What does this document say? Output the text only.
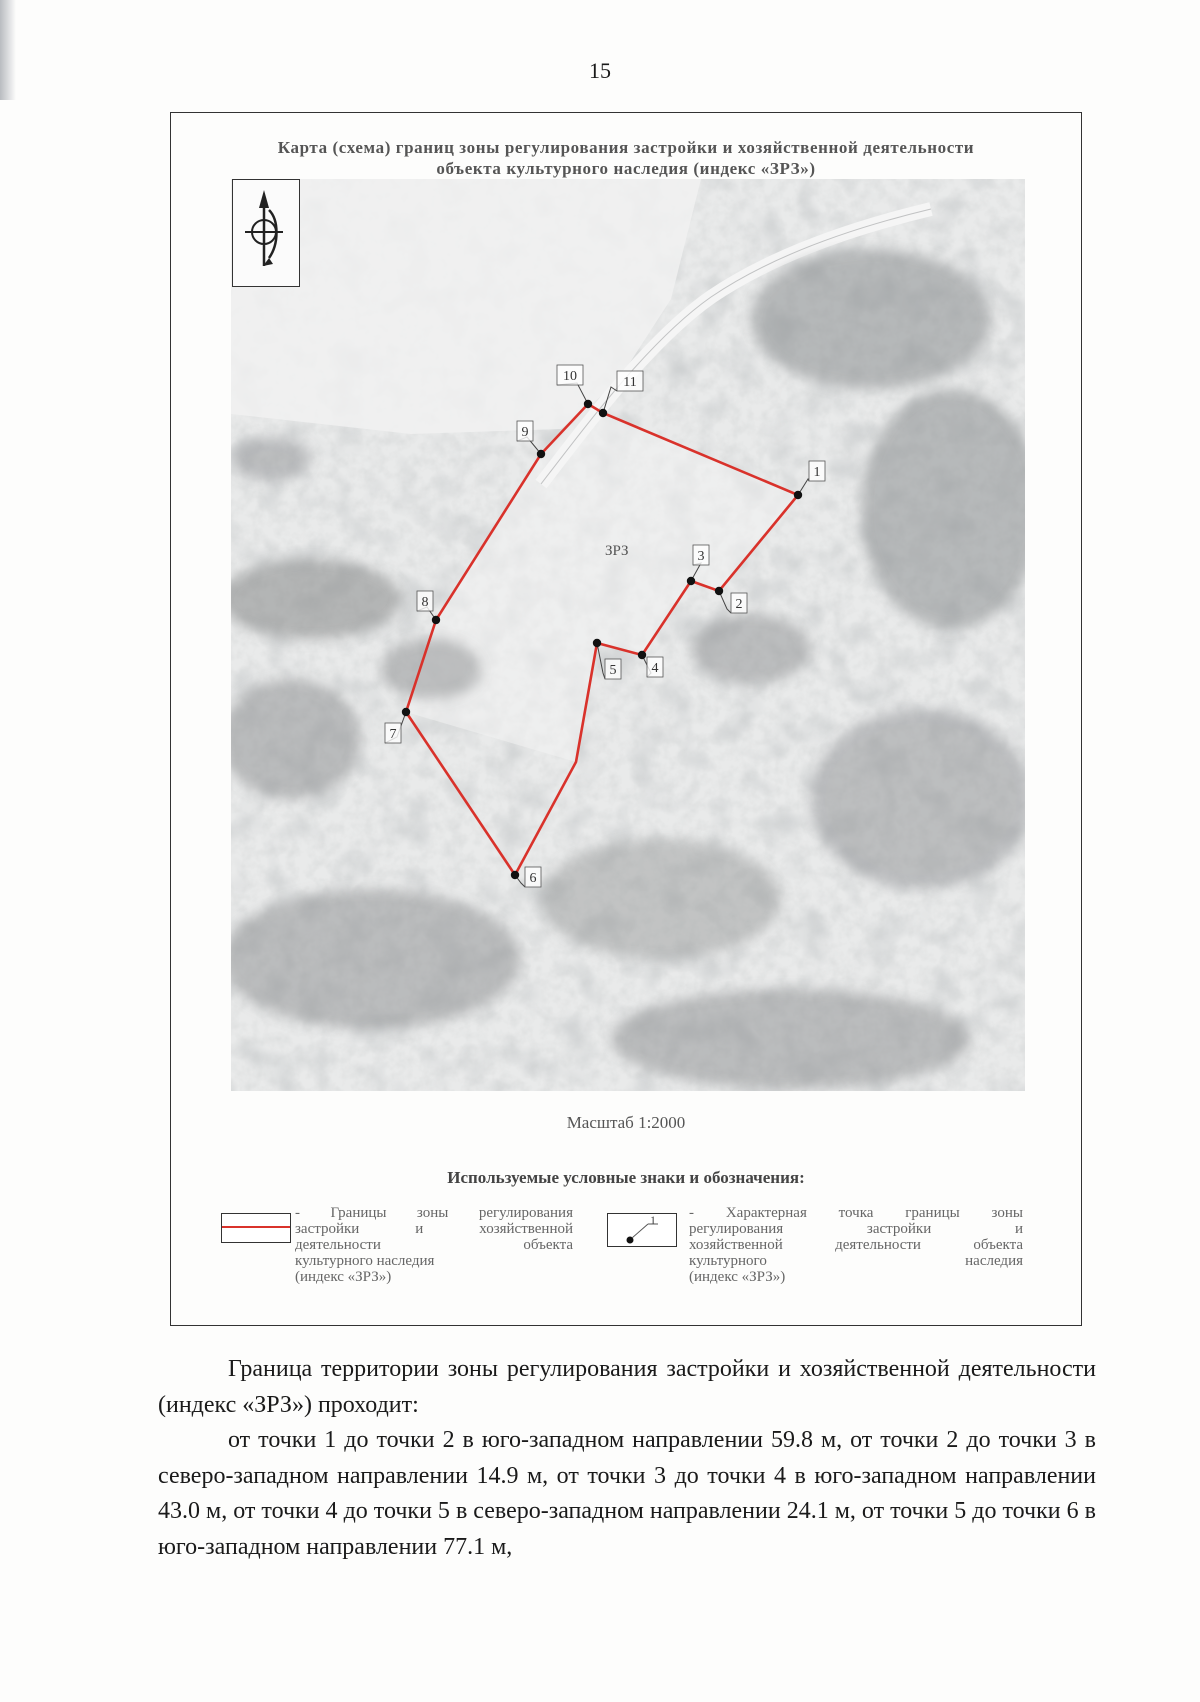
15
Карта (схема) границ зоны регулирования застройки и хозяйственной деятельности
объекта культурного наследия (индекс «ЗРЗ»)
ЗРЗ
1
2
3
4
5
6
7
8
9
10	11
Масштаб 1:2000
Используемые условные знаки и обозначения:
- Границы зоны регулирования
застройки и хозяйственной
деятельности объекта
культурного наследия
(индекс «ЗРЗ»)
1 - Характерная точка границы зоны
регулирования застройки и
хозяйственной деятельности объекта
культурного наследия
(индекс «ЗРЗ»)

Граница территории зоны регулирования застройки и хозяйственной деятельности (индекс «ЗРЗ») проходит:

от точки 1 до точки 2 в юго-западном направлении 59.8 м, от точки 2 до точки 3 в северо-западном направлении 14.9 м, от точки 3 до точки 4 в юго-западном направлении 43.0 м, от точки 4 до точки 5 в северо-западном направлении 24.1 м, от точки 5 до точки 6 в юго-западном направлении 77.1 м,
